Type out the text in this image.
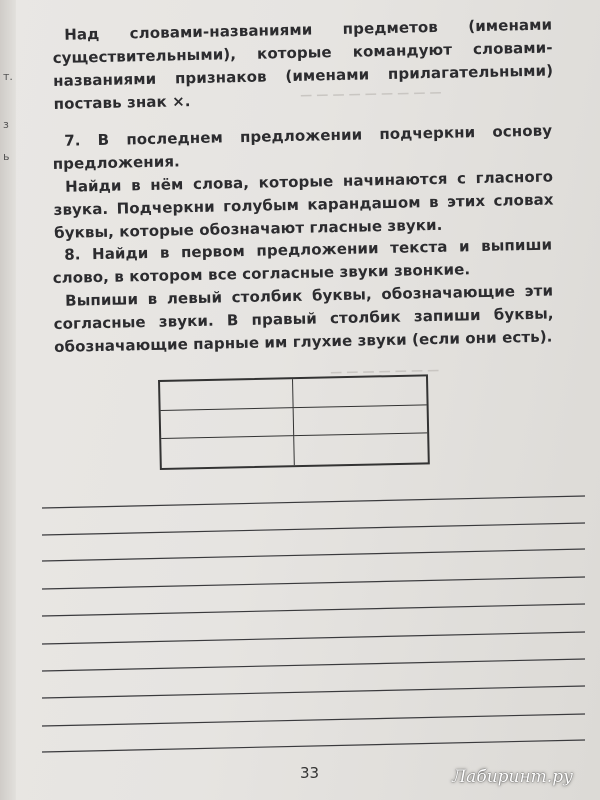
т.
з
ь
— — — — — — — — —
— — — — — — —
Над словами-названиями предметов (именами существительными), которые командуют словами-названиями признаков (именами прилагательными) поставь знак ×.
7. В последнем предложении подчеркни основу предложения.
Найди в нём слова, которые начинаются с гласного звука. Подчеркни голубым карандашом в этих словах буквы, которые обозначают гласные звуки.
8. Найди в первом предложении текста и выпиши слово, в котором все согласные звуки звонкие.
Выпиши в левый столбик буквы, обозначающие эти согласные звуки. В правый столбик запиши буквы, обозначающие парные им глухие звуки (если они есть).
33	Лабиринт.ру
